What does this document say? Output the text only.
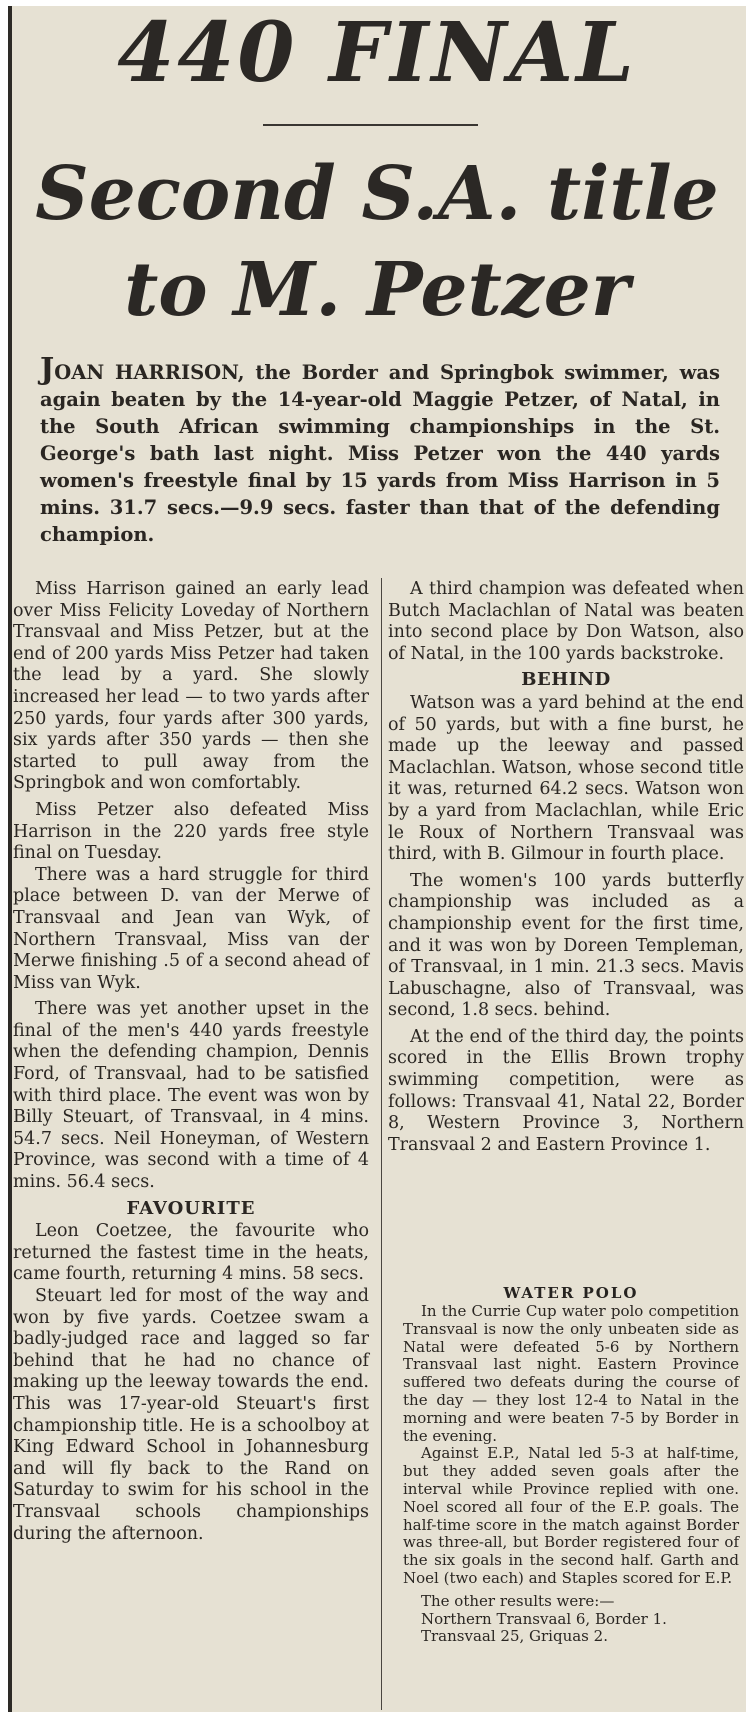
440 FINAL
Second S.A. title
to M. Petzer

JOAN HARRISON, the Border and Springbok swimmer, was again beaten by the 14-year-old Maggie Petzer, of Natal, in the South African swimming championships in the St. George's bath last night. Miss Petzer won the 440 yards women's freestyle final by 15 yards from Miss Harrison in 5 mins. 31.7 secs.—9.9 secs. faster than that of the defending champion.

Miss Harrison gained an early lead over Miss Felicity Loveday of Northern Transvaal and Miss Petzer, but at the end of 200 yards Miss Petzer had taken the lead by a yard. She slowly increased her lead — to two yards after 250 yards, four yards after 300 yards, six yards after 350 yards — then she started to pull away from the Springbok and won comfortably.

Miss Petzer also defeated Miss Harrison in the 220 yards free style final on Tuesday.

There was a hard struggle for third place between D. van der Merwe of Transvaal and Jean van Wyk, of Northern Transvaal, Miss van der Merwe finishing .5 of a second ahead of Miss van Wyk.

There was yet another upset in the final of the men's 440 yards freestyle when the defending champion, Dennis Ford, of Transvaal, had to be satisfied with third place. The event was won by Billy Steuart, of Transvaal, in 4 mins. 54.7 secs. Neil Honeyman, of Western Province, was second with a time of 4 mins. 56.4 secs.

FAVOURITE

Leon Coetzee, the favourite who returned the fastest time in the heats, came fourth, returning 4 mins. 58 secs.

Steuart led for most of the way and won by five yards. Coetzee swam a badly-judged race and lagged so far behind that he had no chance of making up the leeway towards the end. This was 17-year-old Steuart's first championship title. He is a schoolboy at King Edward School in Johannesburg and will fly back to the Rand on Saturday to swim for his school in the Transvaal schools championships during the afternoon.

A third champion was defeated when Butch Maclachlan of Natal was beaten into second place by Don Watson, also of Natal, in the 100 yards backstroke.

BEHIND

Watson was a yard behind at the end of 50 yards, but with a fine burst, he made up the leeway and passed Maclachlan. Watson, whose second title it was, returned 64.2 secs. Watson won by a yard from Maclachlan, while Eric le Roux of Northern Transvaal was third, with B. Gilmour in fourth place.

The women's 100 yards butterfly championship was included as a championship event for the first time, and it was won by Doreen Templeman, of Transvaal, in 1 min. 21.3 secs. Mavis Labuschagne, also of Transvaal, was second, 1.8 secs. behind.

At the end of the third day, the points scored in the Ellis Brown trophy swimming competition, were as follows: Transvaal 41, Natal 22, Border 8, Western Province 3, Northern Transvaal 2 and Eastern Province 1.

WATER POLO

In the Currie Cup water polo competition Transvaal is now the only unbeaten side as Natal were defeated 5-6 by Northern Transvaal last night. Eastern Province suffered two defeats during the course of the day — they lost 12-4 to Natal in the morning and were beaten 7-5 by Border in the evening.

Against E.P., Natal led 5-3 at half-time, but they added seven goals after the interval while Province replied with one. Noel scored all four of the E.P. goals. The half-time score in the match against Border was three-all, but Border registered four of the six goals in the second half. Garth and Noel (two each) and Staples scored for E.P.

The other results were:—

Northern Transvaal 6, Border 1.

Transvaal 25, Griquas 2.
